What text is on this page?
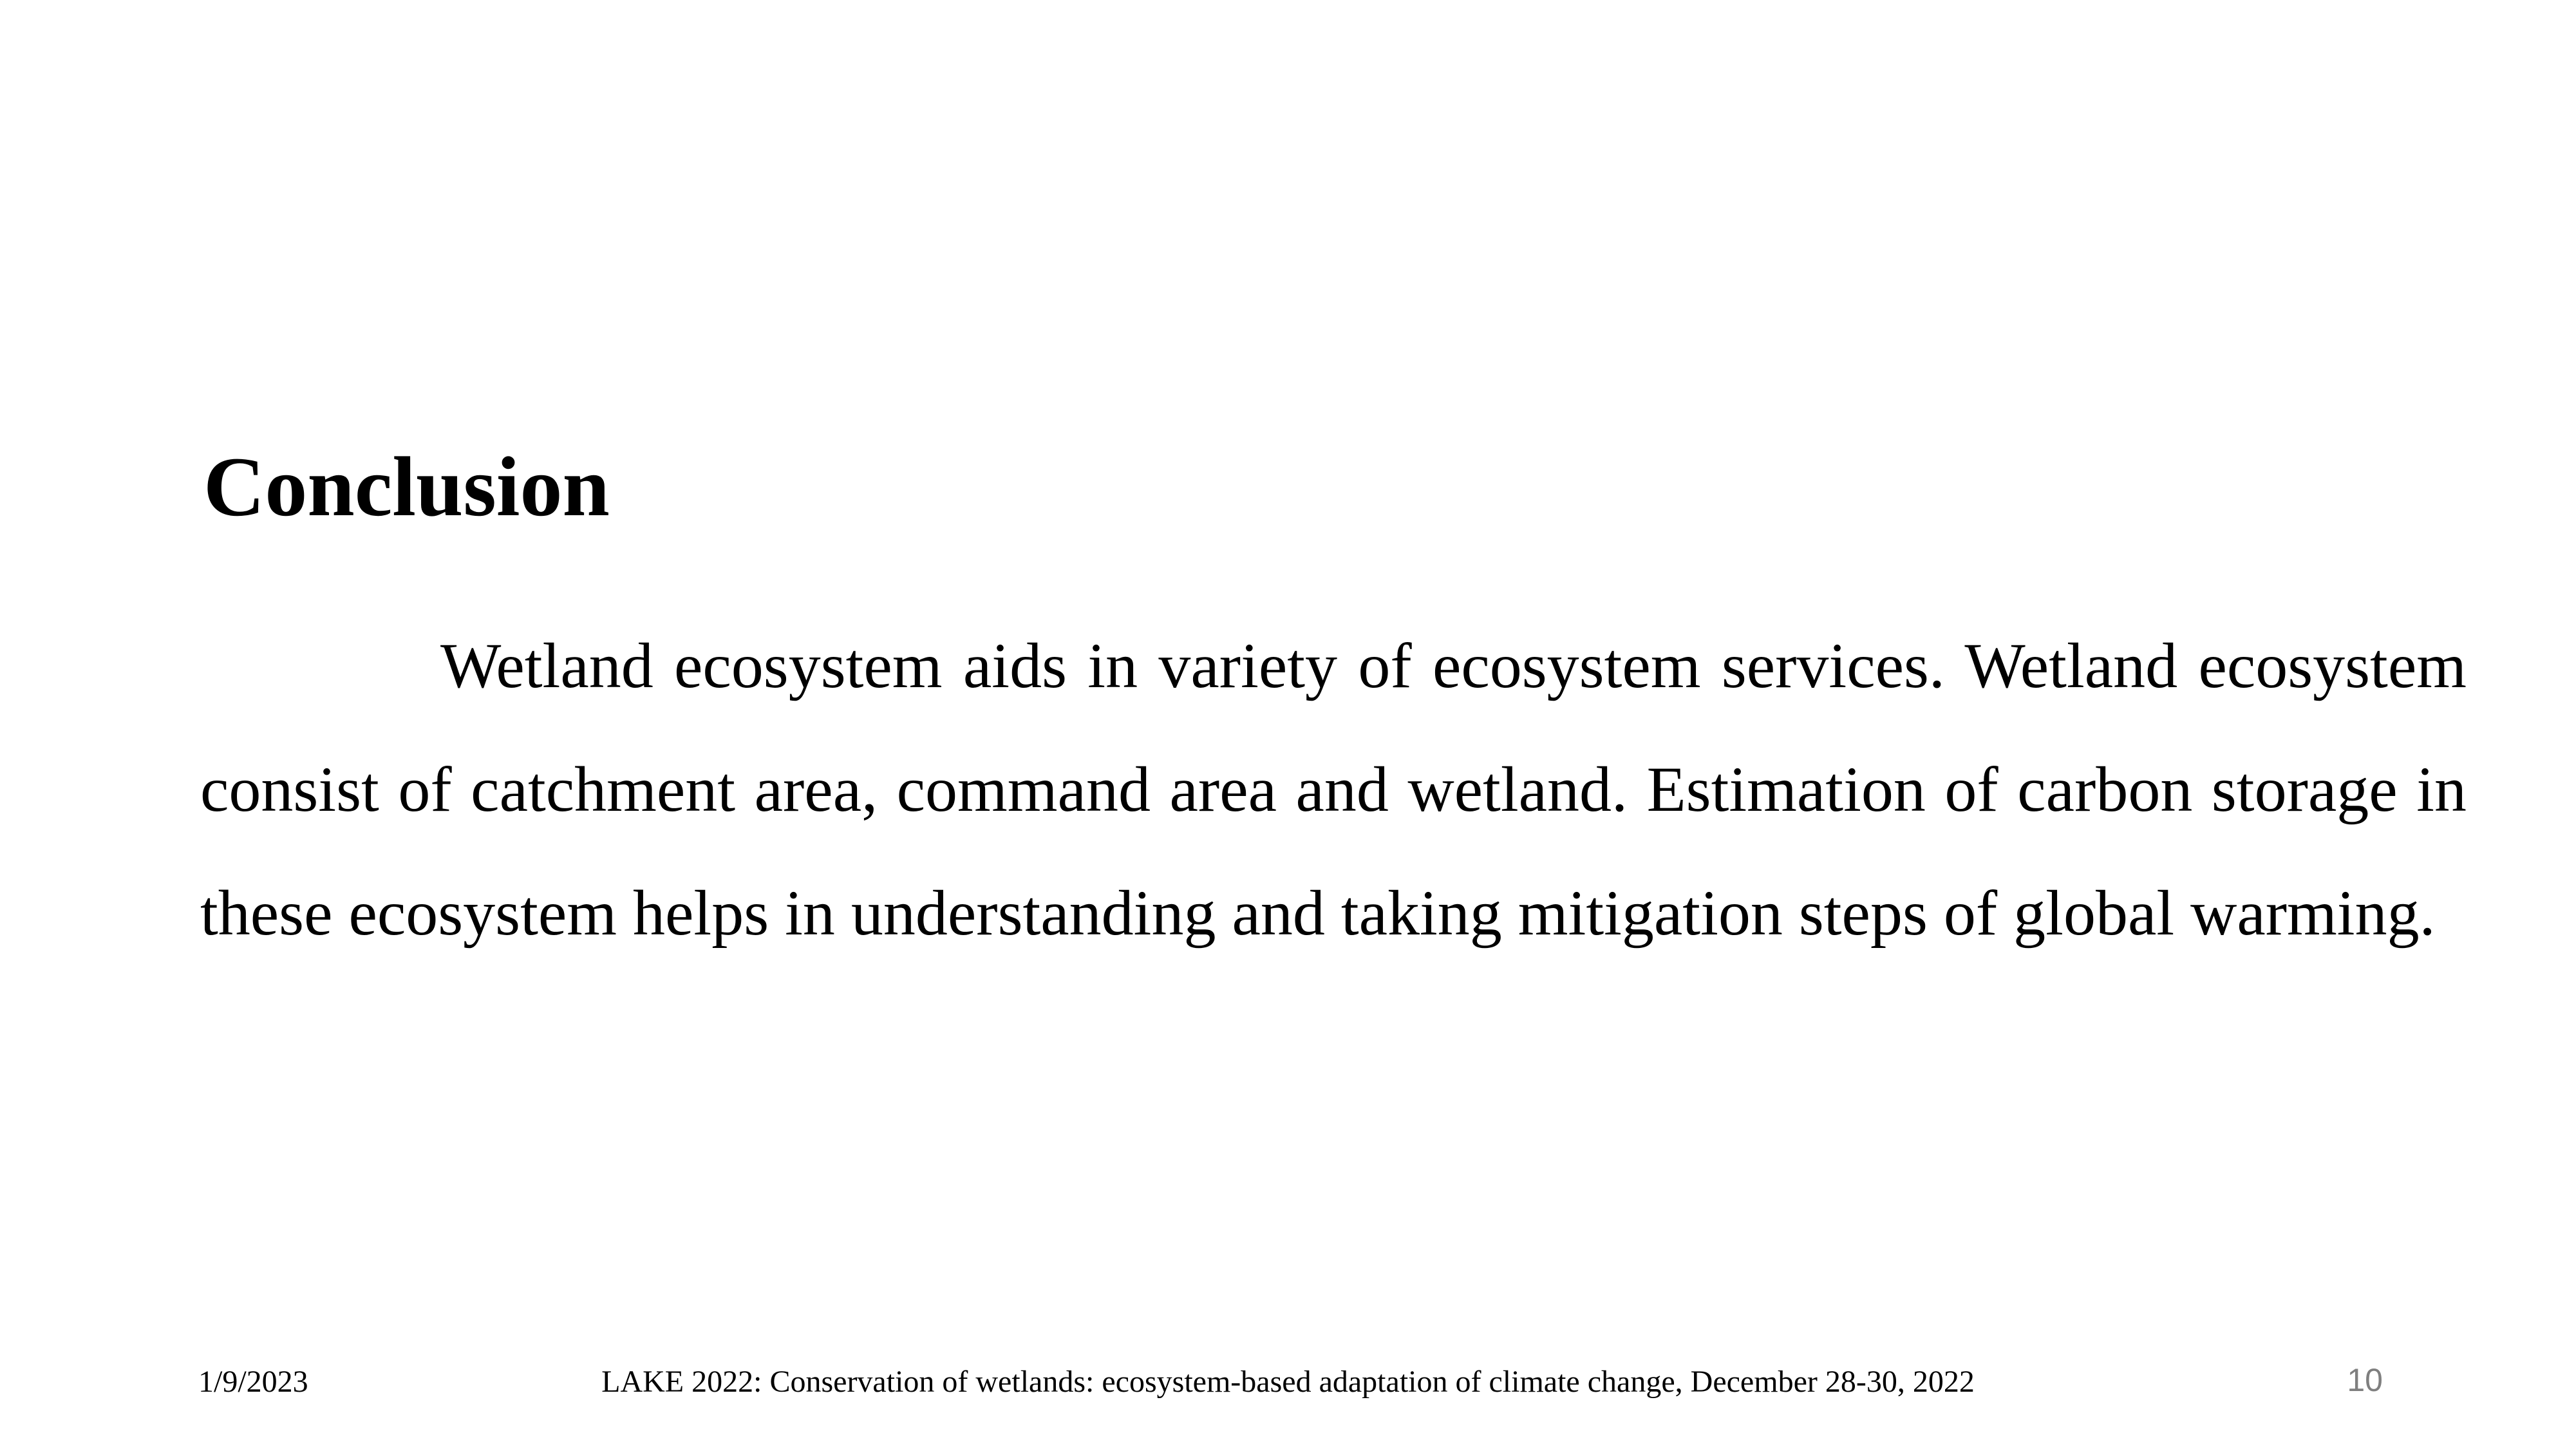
Conclusion

Wetland ecosystem aids in variety of ecosystem services. Wetland ecosystem consist of catchment area, command area and wetland. Estimation of carbon storage in these ecosystem helps in understanding and taking mitigation steps of global warming.

1/9/2023	LAKE 2022: Conservation of wetlands: ecosystem-based adaptation of climate change, December 28-30, 2022	10
